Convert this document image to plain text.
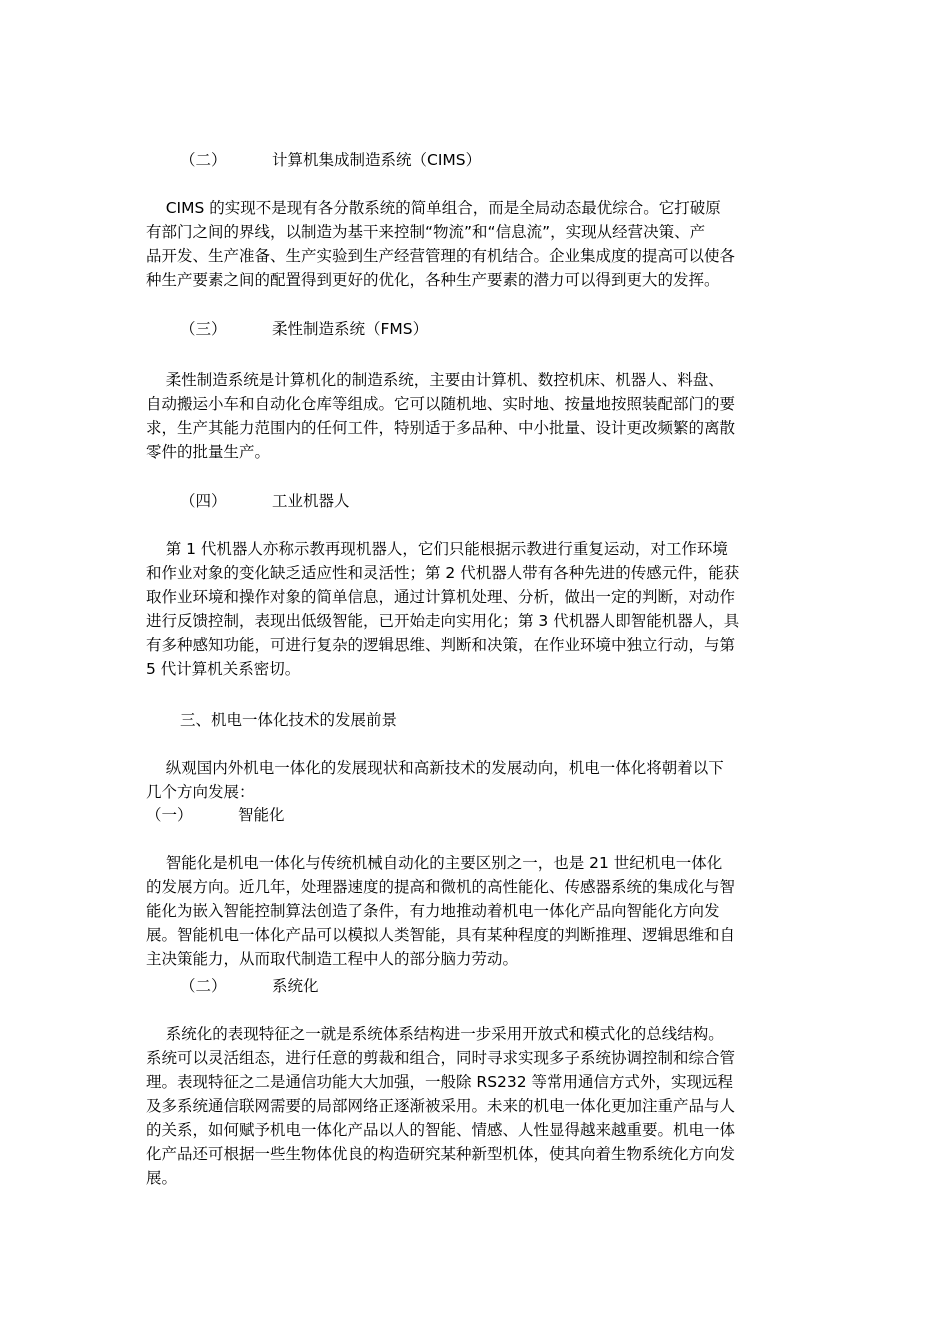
（二）	计算机集成制造系统（CIMS）
CIMS 的实现不是现有各分散系统的简单组合，而是全局动态最优综合。它打破原
有部门之间的界线，以制造为基干来控制“物流”和“信息流”，实现从经营决策、产
品开发、生产准备、生产实验到生产经营管理的有机结合。企业集成度的提高可以使各
种生产要素之间的配置得到更好的优化，各种生产要素的潜力可以得到更大的发挥。
（三）	柔性制造系统（FMS）
柔性制造系统是计算机化的制造系统，主要由计算机、数控机床、机器人、料盘、
自动搬运小车和自动化仓库等组成。它可以随机地、实时地、按量地按照装配部门的要
求，生产其能力范围内的任何工件，特别适于多品种、中小批量、设计更改频繁的离散
零件的批量生产。
（四）	工业机器人
第 1 代机器人亦称示教再现机器人，它们只能根据示教进行重复运动，对工作环境
和作业对象的变化缺乏适应性和灵活性；第 2 代机器人带有各种先进的传感元件，能获
取作业环境和操作对象的简单信息，通过计算机处理、分析，做出一定的判断，对动作
进行反馈控制，表现出低级智能，已开始走向实用化；第 3 代机器人即智能机器人，具
有多种感知功能，可进行复杂的逻辑思维、判断和决策，在作业环境中独立行动，与第
5 代计算机关系密切。
三、机电一体化技术的发展前景
纵观国内外机电一体化的发展现状和高新技术的发展动向，机电一体化将朝着以下
几个方向发展：
（一）	智能化
智能化是机电一体化与传统机械自动化的主要区别之一，也是 21 世纪机电一体化
的发展方向。近几年，处理器速度的提高和微机的高性能化、传感器系统的集成化与智
能化为嵌入智能控制算法创造了条件，有力地推动着机电一体化产品向智能化方向发
展。智能机电一体化产品可以模拟人类智能，具有某种程度的判断推理、逻辑思维和自
主决策能力，从而取代制造工程中人的部分脑力劳动。
（二）	系统化
系统化的表现特征之一就是系统体系结构进一步采用开放式和模式化的总线结构。
系统可以灵活组态，进行任意的剪裁和组合，同时寻求实现多子系统协调控制和综合管
理。表现特征之二是通信功能大大加强，一般除 RS232 等常用通信方式外，实现远程
及多系统通信联网需要的局部网络正逐渐被采用。未来的机电一体化更加注重产品与人
的关系，如何赋予机电一体化产品以人的智能、情感、人性显得越来越重要。机电一体
化产品还可根据一些生物体优良的构造研究某种新型机体，使其向着生物系统化方向发
展。
